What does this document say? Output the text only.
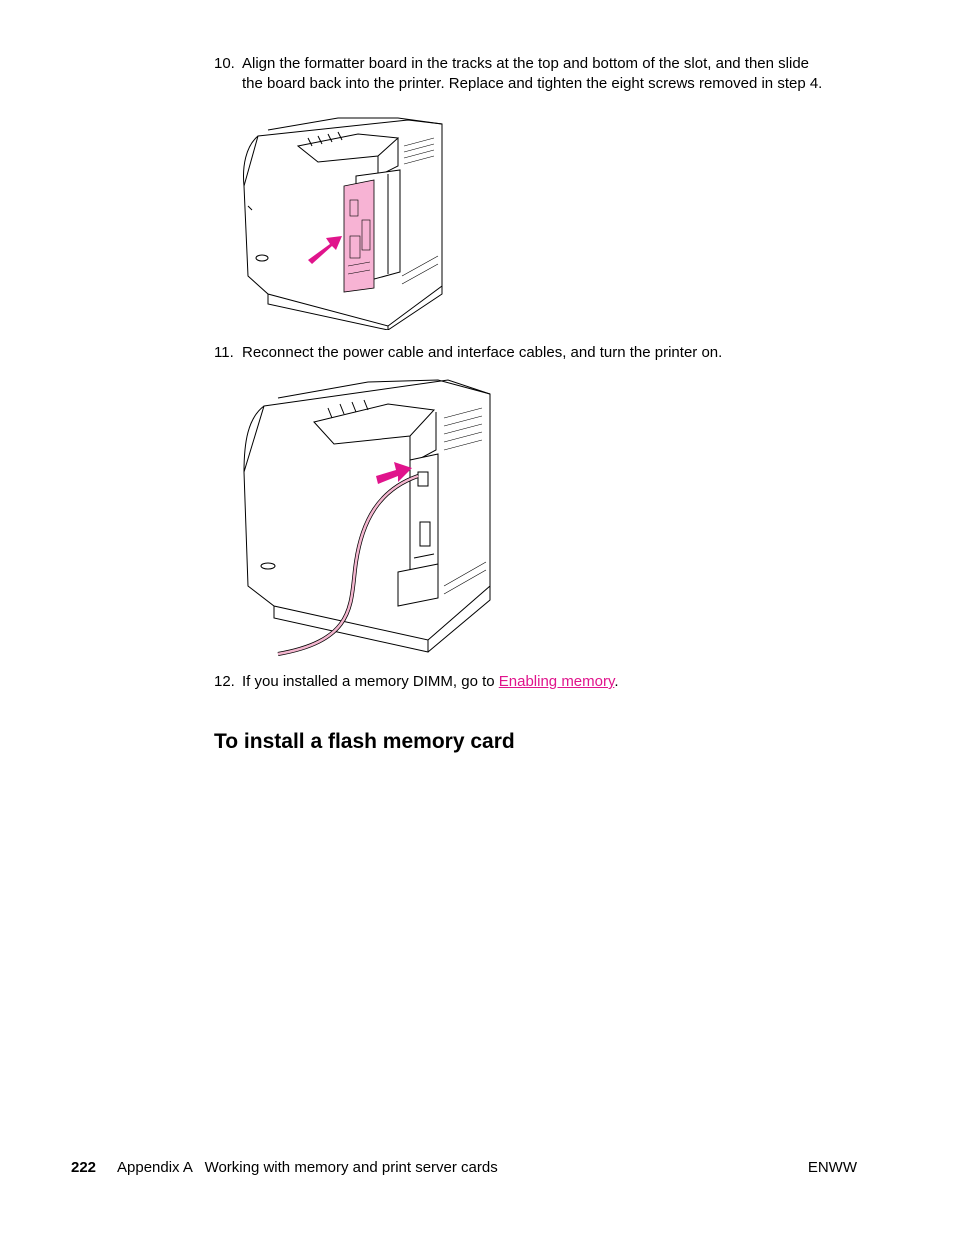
10. Align the formatter board in the tracks at the top and bottom of the slot, and then slide
the board back into the printer. Replace and tighten the eight screws removed in step 4.
11. Reconnect the power cable and interface cables, and turn the printer on.
12. If you installed a memory DIMM, go to Enabling memory.
To install a flash memory card
222 Appendix A   Working with memory and print server cards	ENWW
